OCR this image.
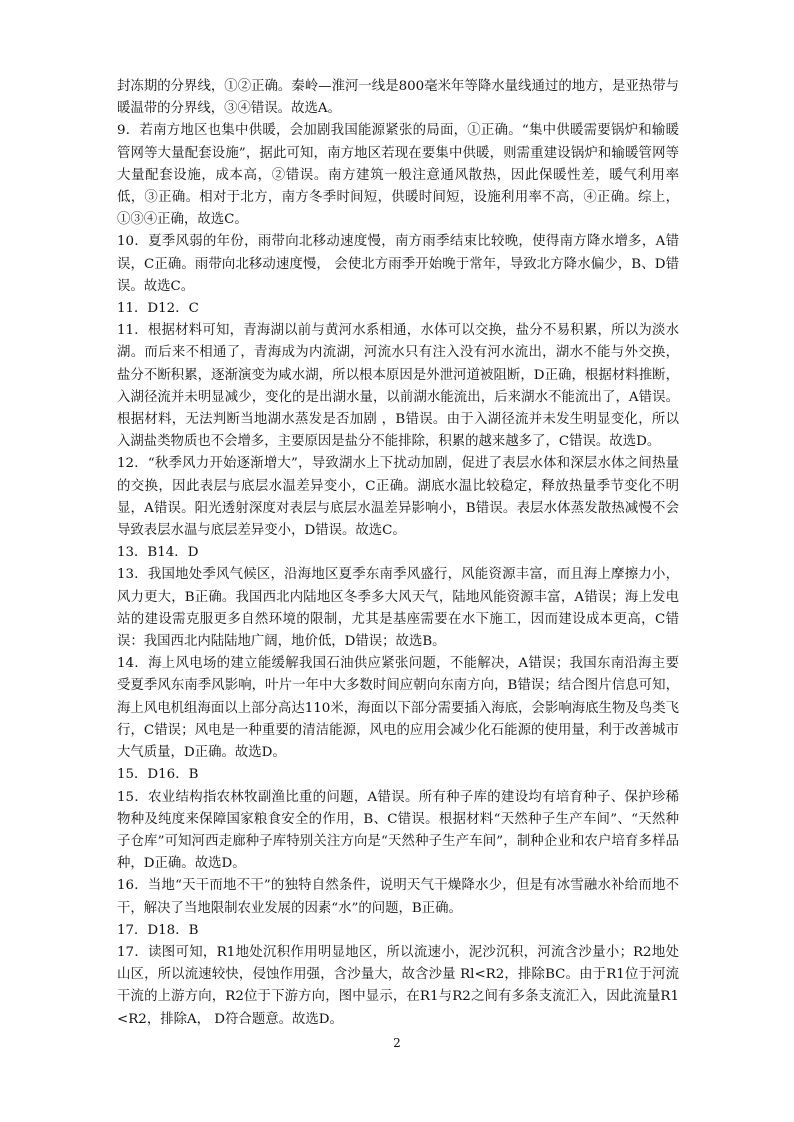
封冻期的分界线，①②正确。秦岭—淮河一线是800毫米年等降水量线通过的地方，是亚热带与暖温带的分界线，③④错误。故选A。

9．若南方地区也集中供暖，会加剧我国能源紧张的局面，①正确。“集中供暖需要锅炉和输暖管网等大量配套设施”，据此可知，南方地区若现在要集中供暖，则需重建设锅炉和输暖管网等大量配套设施，成本高，②错误。南方建筑一般注意通风散热，因此保暖性差，暖气利用率低，③正确。相对于北方，南方冬季时间短，供暖时间短，设施利用率不高，④正确。综上，①③④正确，故选C。

10．夏季风弱的年份，雨带向北移动速度慢，南方雨季结束比较晚，使得南方降水增多，A错误，C正确。雨带向北移动速度慢， 会使北方雨季开始晚于常年，导致北方降水偏少，B、D错误。故选C。

11．D12．C

11．根据材料可知，青海湖以前与黄河水系相通，水体可以交换，盐分不易积累，所以为淡水湖。而后来不相通了，青海成为内流湖，河流水只有注入没有河水流出，湖水不能与外交换，盐分不断积累，逐渐演变为咸水湖，所以根本原因是外泄河道被阻断，D正确，根据材料推断，入湖径流并未明显减少，变化的是出湖水量，以前湖水能流出，后来湖水不能流出了，A错误。根据材料，无法判断当地湖水蒸发是否加剧 ，B错误。由于入湖径流并未发生明显变化，所以入湖盐类物质也不会增多，主要原因是盐分不能排除，积累的越来越多了，C错误。故选D。

12．“秋季风力开始逐渐增大”，导致湖水上下扰动加剧，促进了表层水体和深层水体之间热量的交换，因此表层与底层水温差异变小，C正确。湖底水温比较稳定，释放热量季节变化不明显，A错误。阳光透射深度对表层与底层水温差异影响小，B错误。表层水体蒸发散热减慢不会导致表层水温与底层差异变小，D错误。故选C。

13．B14．D

13．我国地处季风气候区，沿海地区夏季东南季风盛行，风能资源丰富，而且海上摩擦力小，风力更大，B正确。我国西北内陆地区冬季多大风天气，陆地风能资源丰富，A错误；海上发电站的建设需克服更多自然环境的限制，尤其是基座需要在水下施工，因而建设成本更高，C错误：我国西北内陆陆地广阔，地价低，D错误；故选B。

14．海上风电场的建立能缓解我国石油供应紧张问题，不能解决，A错误；我国东南沿海主要受夏季风东南季风影响，叶片一年中大多数时间应朝向东南方向，B错误；结合图片信息可知，海上风电机组海面以上部分高达110米，海面以下部分需要插入海底，会影响海底生物及鸟类飞行，C错误；风电是一种重要的清洁能源，风电的应用会减少化石能源的使用量，利于改善城市大气质量，D正确。故选D。

15．D16．B

15．农业结构指农林牧副渔比重的问题，A错误。所有种子库的建设均有培育种子、保护珍稀物种及纯度来保障国家粮食安全的作用，B、C错误。根据材料“天然种子生产车间”、“天然种子仓库”可知河西走廊种子库特别关注方向是“天然种子生产车间”，制种企业和农户培育多样品种，D正确。故选D。

16．当地“天干而地不干”的独特自然条件，说明天气干燥降水少，但是有冰雪融水补给而地不干，解决了当地限制农业发展的因素“水”的问题，B正确。

17．D18．B

17．读图可知，R1地处沉积作用明显地区，所以流速小，泥沙沉积，河流含沙量小；R2地处山区，所以流速较快，侵蚀作用强，含沙量大，故含沙量 Rl<R2，排除BC。由于R1位于河流干流的上游方向，R2位于下游方向，图中显示，在R1与R2之间有多条支流汇入，因此流量R1<R2，排除A， D符合题意。故选D。

2
